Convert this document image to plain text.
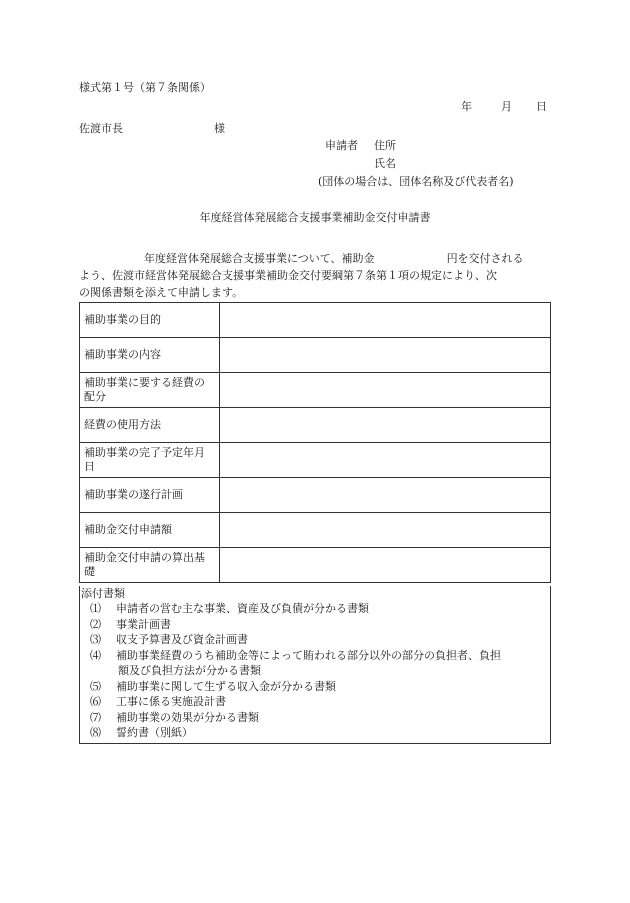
様式第１号（第７条関係）
年	月 日
佐渡市長	様
申請者 住所
氏名
(団体の場合は、団体名称及び代表者名)
年度経営体発展総合支援事業補助金交付申請書
年度経営体発展総合支援事業について、補助金	円を交付される
よう、佐渡市経営体発展総合支援事業補助金交付要綱第７条第１項の規定により、次
の関係書類を添えて申請します。
補助事業の目的	
補助事業の内容	
補助事業に要する経費の配分	
経費の使用方法	
補助事業の完了予定年月日	
補助事業の遂行計画	
補助金交付申請額	
補助金交付申請の算出基礎	
添付書類
⑴ 申請者の営む主な事業、資産及び負債が分かる書類
⑵ 事業計画書
⑶ 収支予算書及び資金計画書
⑷ 補助事業経費のうち補助金等によって賄われる部分以外の部分の負担者、負担
額及び負担方法が分かる書類
⑸ 補助事業に関して生ずる収入金が分かる書類
⑹ 工事に係る実施設計書
⑺ 補助事業の効果が分かる書類
⑻ 誓約書（別紙）
